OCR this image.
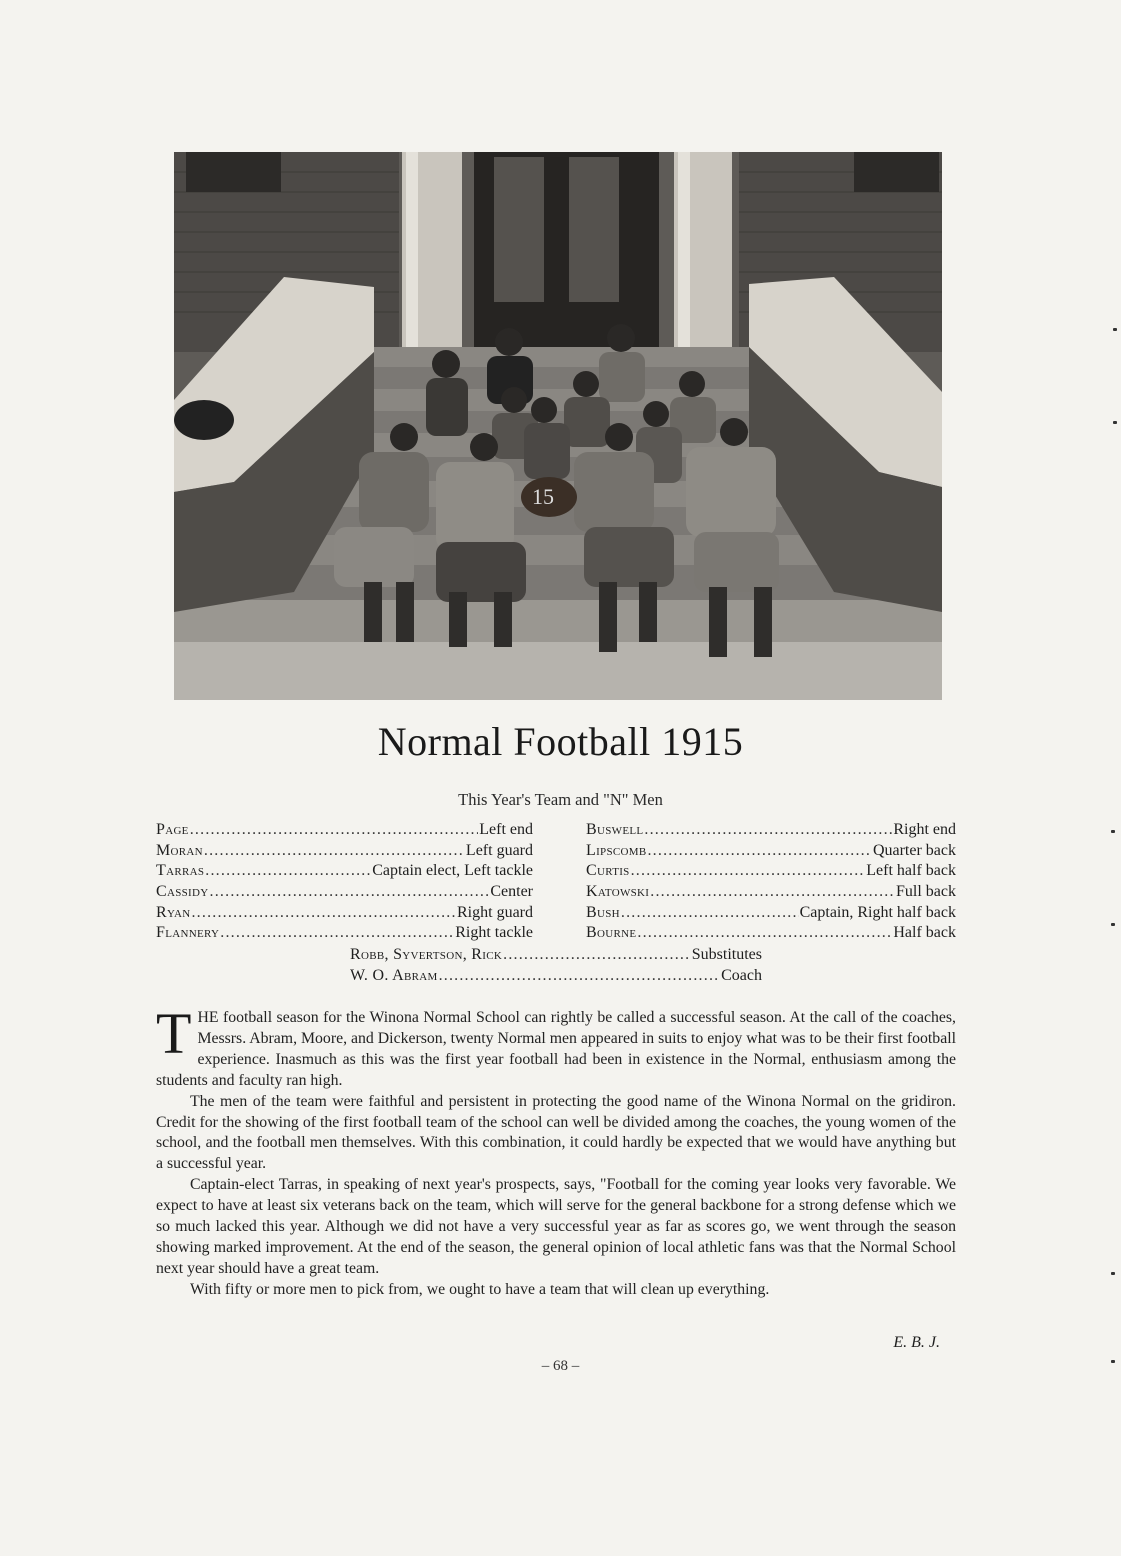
15
Normal Football 1915
This Year's Team and "N" Men
Page .....	Left end
Moran .....	Left guard
Tarras .....	Captain elect, Left tackle
Cassidy .....	Center
Ryan .....	Right guard
Flannery .....	Right tackle
Buswell .....	Right end
Lipscomb .....	Quarter back
Curtis .....	Left half back
Katowski .....	Full back
Bush .....	Captain, Right half back
Bourne .....	Half back
Robb, Syvertson, Rick .....	Substitutes
W. O. Abram .....	Coach

THE football season for the Winona Normal School can rightly be called a successful season. At the call of the coaches, Messrs. Abram, Moore, and Dickerson, twenty Normal men appeared in suits to enjoy what was to be their first football experience. Inasmuch as this was the first year football had been in existence in the Normal, enthusiasm among the students and faculty ran high.

The men of the team were faithful and persistent in protecting the good name of the Winona Normal on the gridiron. Credit for the showing of the first football team of the school can well be divided among the coaches, the young women of the school, and the football men themselves. With this combination, it could hardly be expected that we would have anything but a successful year.

Captain-elect Tarras, in speaking of next year's prospects, says, "Football for the coming year looks very favorable. We expect to have at least six veterans back on the team, which will serve for the general backbone for a strong defense which we so much lacked this year. Although we did not have a very successful year as far as scores go, we went through the season showing marked improvement. At the end of the season, the general opinion of local athletic fans was that the Normal School next year should have a great team.

With fifty or more men to pick from, we ought to have a team that will clean up everything.

E. B. J.
– 68 –
